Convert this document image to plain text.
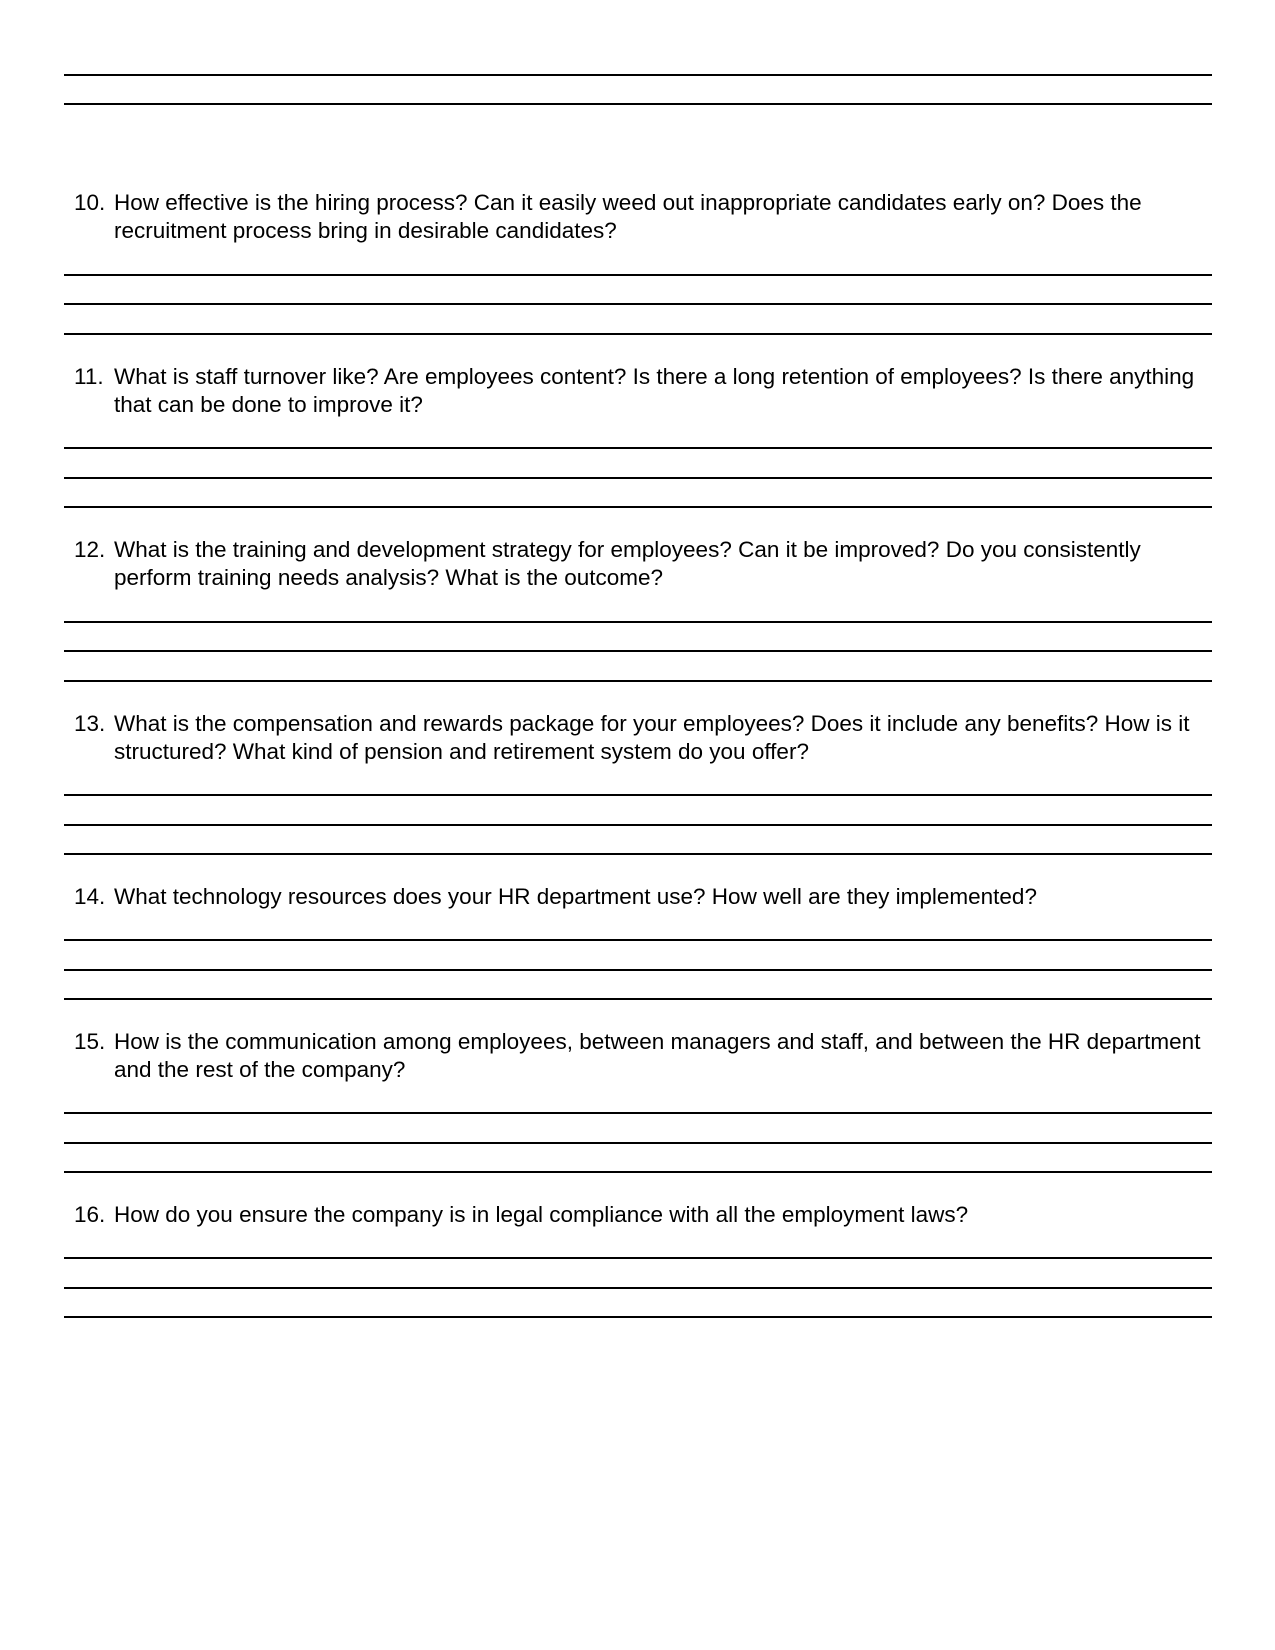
10. How effective is the hiring process? Can it easily weed out inappropriate candidates early on? Does the recruitment process bring in desirable candidates?
11. What is staff turnover like? Are employees content? Is there a long retention of employees? Is there anything that can be done to improve it?
12. What is the training and development strategy for employees? Can it be improved? Do you consistently perform training needs analysis? What is the outcome?
13. What is the compensation and rewards package for your employees? Does it include any benefits? How is it structured? What kind of pension and retirement system do you offer?
14. What technology resources does your HR department use? How well are they implemented?
15. How is the communication among employees, between managers and staff, and between the HR department and the rest of the company?
16. How do you ensure the company is in legal compliance with all the employment laws?
